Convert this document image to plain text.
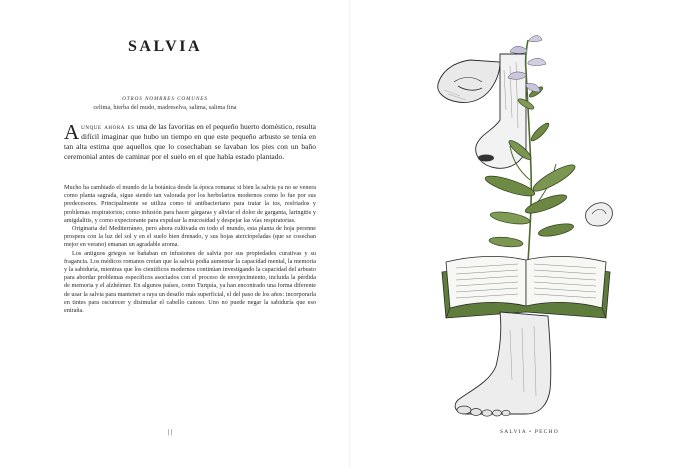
SALVIA
OTROS NOMBRES COMUNES
celima, hierba del mudo, madreselva, salima, salima fina

Aunque ahora es una de las favoritas en el pequeño huerto doméstico, resulta difícil imaginar que hubo un tiempo en que este pequeño arbusto se tenía en tan alta estima que aquellos que lo cosechaban se lavaban los pies con un baño ceremonial antes de caminar por el suelo en el que había estado plantado.

Mucho ha cambiado el mundo de la botánica desde la época romana: si bien la salvia ya no se venera como planta sagrada, sigue siendo tan valorada por los herbolarios modernos como lo fue por sus predecesores. Principalmente se utiliza como té antibacteriano para tratar la tos, resfriados y problemas respiratorios; como infusión para hacer gárgaras y aliviar el dolor de garganta, laringitis y amigdalitis, y como expectorante para expulsar la mucosidad y despejar las vías respiratorias.

Originaria del Mediterráneo, pero ahora cultivada en todo el mundo, esta planta de hoja perenne prospera con la luz del sol y en el suelo bien drenado, y sus hojas aterciopeladas (que se cosechan mejor en verano) emanan un agradable aroma.

Los antiguos griegos se bañaban en infusiones de salvia por sus propiedades curativas y su fragancia. Los médicos romanos creían que la salvia podía aumentar la capacidad mental, la memoria y la sabiduría, mientras que los científicos modernos continúan investigando la capacidad del arbusto para abordar problemas específicos asociados con el proceso de envejecimiento, incluida la pérdida de memoria y el alzhéimer. En algunos países, como Turquía, ya han encontrado una forma diferente de usar la salvia para mantener a raya un desafío más superficial, el del paso de los años: incorporarla en tintes para oscurecer y disimular el cabello canoso. Uno no puede negar la sabiduría que eso entraña.

| |	SALVIA • PECHO
